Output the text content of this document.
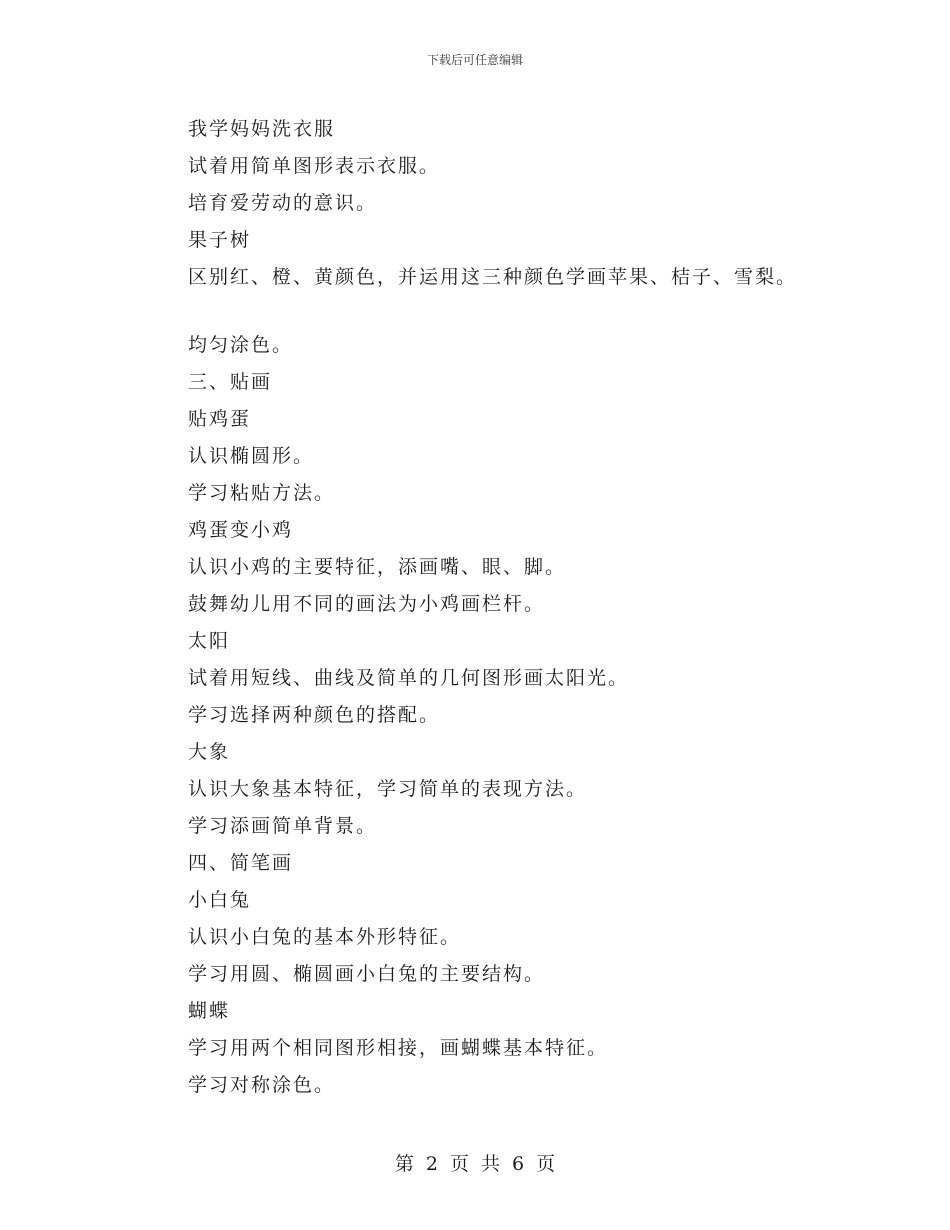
下载后可任意编辑
我学妈妈洗衣服
试着用简单图形表示衣服。
培育爱劳动的意识。
果子树
区别红、橙、黄颜色，并运用这三种颜色学画苹果、桔子、雪梨。
均匀涂色。
三、贴画
贴鸡蛋
认识椭圆形。
学习粘贴方法。
鸡蛋变小鸡
认识小鸡的主要特征，添画嘴、眼、脚。
鼓舞幼儿用不同的画法为小鸡画栏杆。
太阳
试着用短线、曲线及简单的几何图形画太阳光。
学习选择两种颜色的搭配。
大象
认识大象基本特征，学习简单的表现方法。
学习添画简单背景。
四、简笔画
小白兔
认识小白兔的基本外形特征。
学习用圆、椭圆画小白兔的主要结构。
蝴蝶
学习用两个相同图形相接，画蝴蝶基本特征。
学习对称涂色。
第 2 页 共 6 页
